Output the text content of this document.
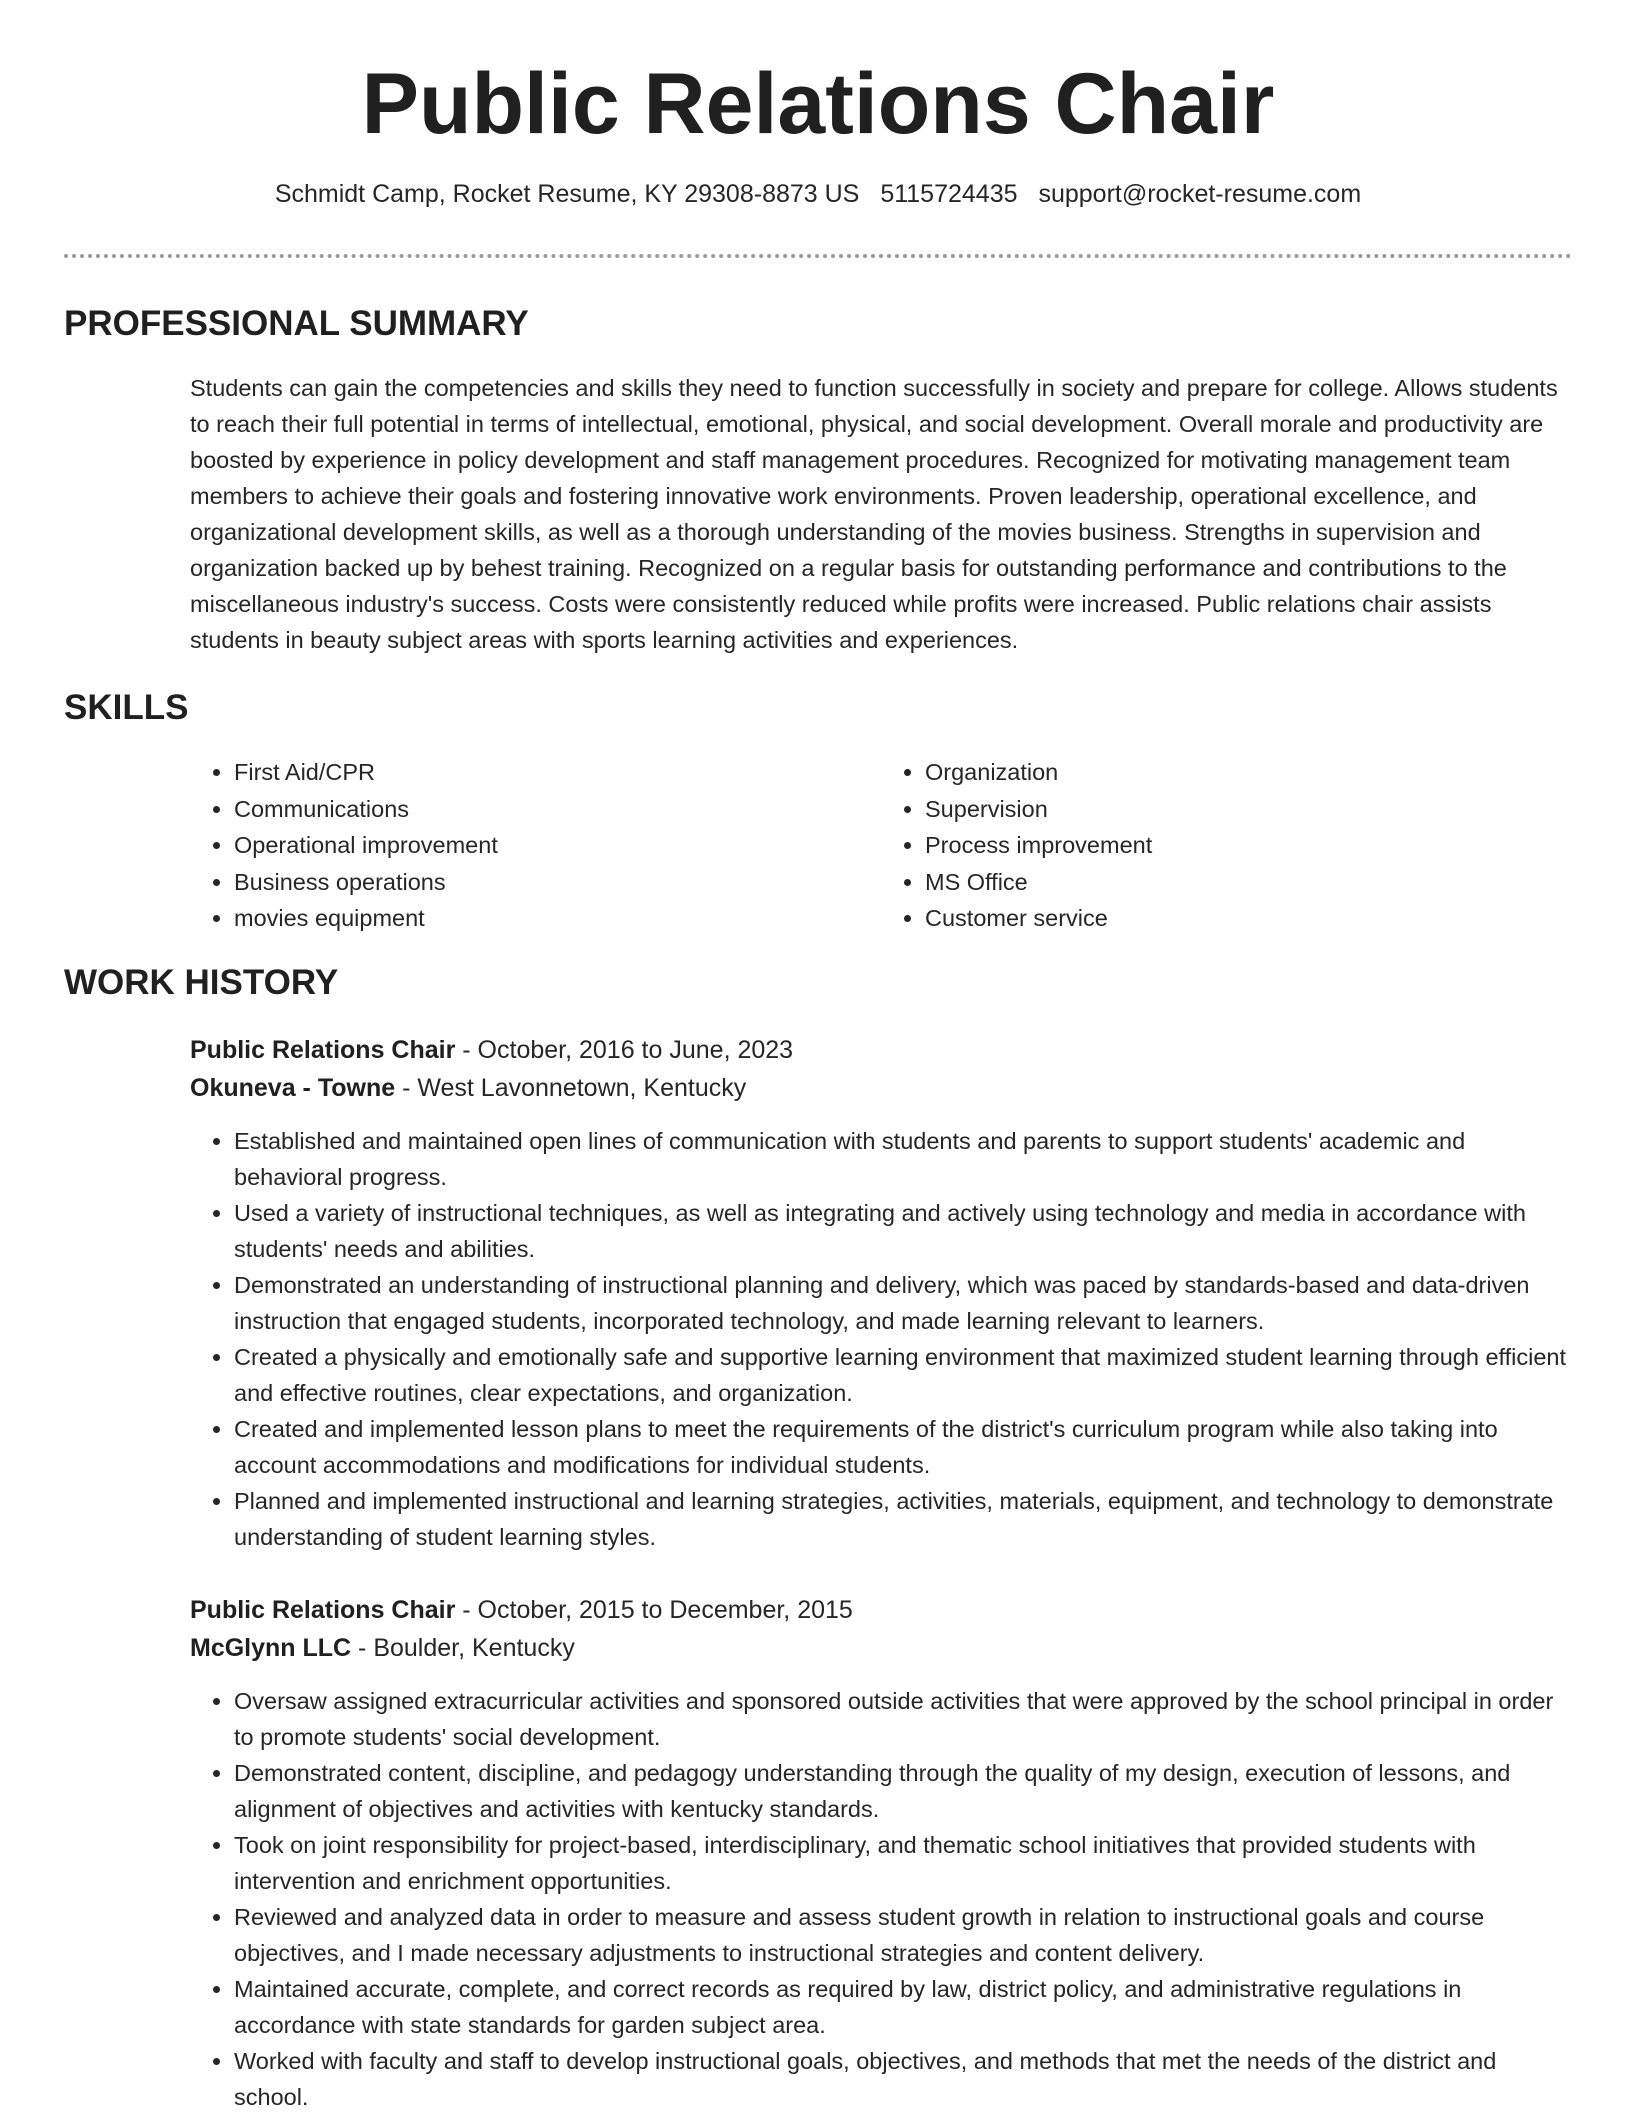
Public Relations Chair
Schmidt Camp, Rocket Resume, KY 29308-8873 US 5115724435 support@rocket-resume.com
PROFESSIONAL SUMMARY
Students can gain the competencies and skills they need to function successfully in society and prepare for college. Allows students to reach their full potential in terms of intellectual, emotional, physical, and social development. Overall morale and productivity are boosted by experience in policy development and staff management procedures. Recognized for motivating management team members to achieve their goals and fostering innovative work environments. Proven leadership, operational excellence, and organizational development skills, as well as a thorough understanding of the movies business. Strengths in supervision and organization backed up by behest training. Recognized on a regular basis for outstanding performance and contributions to the miscellaneous industry's success. Costs were consistently reduced while profits were increased. Public relations chair assists students in beauty subject areas with sports learning activities and experiences.
SKILLS
• First Aid/CPR
• Communications
• Operational improvement
• Business operations
• movies equipment
• Organization
• Supervision
• Process improvement
• MS Office
• Customer service
WORK HISTORY
Public Relations Chair - October, 2016 to June, 2023
Okuneva - Towne - West Lavonnetown, Kentucky
• Established and maintained open lines of communication with students and parents to support students' academic and behavioral progress.
• Used a variety of instructional techniques, as well as integrating and actively using technology and media in accordance with students' needs and abilities.
• Demonstrated an understanding of instructional planning and delivery, which was paced by standards-based and data-driven instruction that engaged students, incorporated technology, and made learning relevant to learners.
• Created a physically and emotionally safe and supportive learning environment that maximized student learning through efficient and effective routines, clear expectations, and organization.
• Created and implemented lesson plans to meet the requirements of the district's curriculum program while also taking into account accommodations and modifications for individual students.
• Planned and implemented instructional and learning strategies, activities, materials, equipment, and technology to demonstrate understanding of student learning styles.
Public Relations Chair - October, 2015 to December, 2015
McGlynn LLC - Boulder, Kentucky
• Oversaw assigned extracurricular activities and sponsored outside activities that were approved by the school principal in order to promote students' social development.
• Demonstrated content, discipline, and pedagogy understanding through the quality of my design, execution of lessons, and alignment of objectives and activities with kentucky standards.
• Took on joint responsibility for project-based, interdisciplinary, and thematic school initiatives that provided students with intervention and enrichment opportunities.
• Reviewed and analyzed data in order to measure and assess student growth in relation to instructional goals and course objectives, and I made necessary adjustments to instructional strategies and content delivery.
• Maintained accurate, complete, and correct records as required by law, district policy, and administrative regulations in accordance with state standards for garden subject area.
• Worked with faculty and staff to develop instructional goals, objectives, and methods that met the needs of the district and school.
